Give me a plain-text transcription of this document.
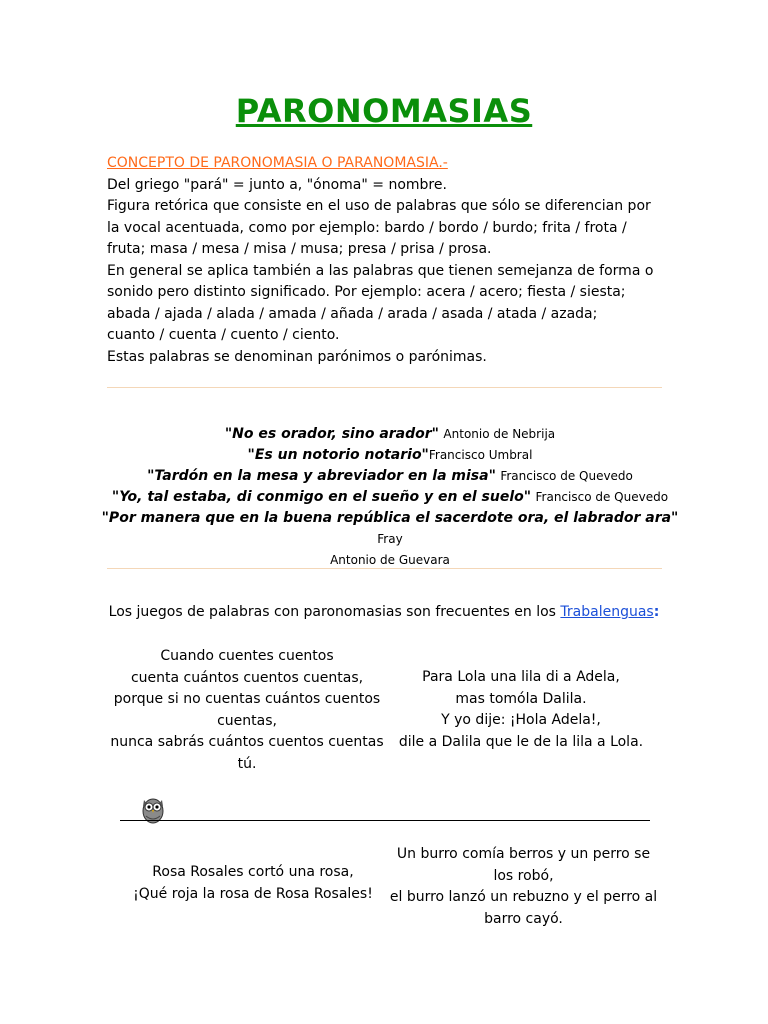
PARONOMASIAS

CONCEPTO DE PARONOMASIA O PARANOMASIA.-

Del griego "pará" = junto a, "ónoma" = nombre.

Figura retórica que consiste en el uso de palabras que sólo se diferencian por

la vocal acentuada, como por ejemplo: bardo / bordo / burdo; frita / frota /

fruta; masa / mesa / misa / musa; presa / prisa / prosa.

En general se aplica también a las palabras que tienen semejanza de forma o

sonido pero distinto significado. Por ejemplo: acera / acero; fiesta / siesta;

abada / ajada / alada / amada / añada / arada / asada / atada / azada;

cuanto / cuenta / cuento / ciento.

Estas palabras se denominan parónimos o parónimas.

"No es orador, sino arador" Antonio de Nebrija
"Es un notorio notario"Francisco Umbral
"Tardón en la mesa y abreviador en la misa" Francisco de Quevedo
"Yo, tal estaba, di conmigo en el sueño y en el suelo" Francisco de Quevedo
"Por manera que en la buena república el sacerdote ora, el labrador ara" Fray
Antonio de Guevara
Los juegos de palabras con paronomasias son frecuentes en los Trabalenguas:

Cuando cuentes cuentos

cuenta cuántos cuentos cuentas,

porque si no cuentas cuántos cuentos

cuentas,

nunca sabrás cuántos cuentos cuentas

tú.

Para Lola una lila di a Adela,

mas tomóla Dalila.

Y yo dije: ¡Hola Adela!,

dile a Dalila que le de la lila a Lola.

Rosa Rosales cortó una rosa,

¡Qué roja la rosa de Rosa Rosales!

Un burro comía berros y un perro se

los robó,

el burro lanzó un rebuzno y el perro al

barro cayó.
